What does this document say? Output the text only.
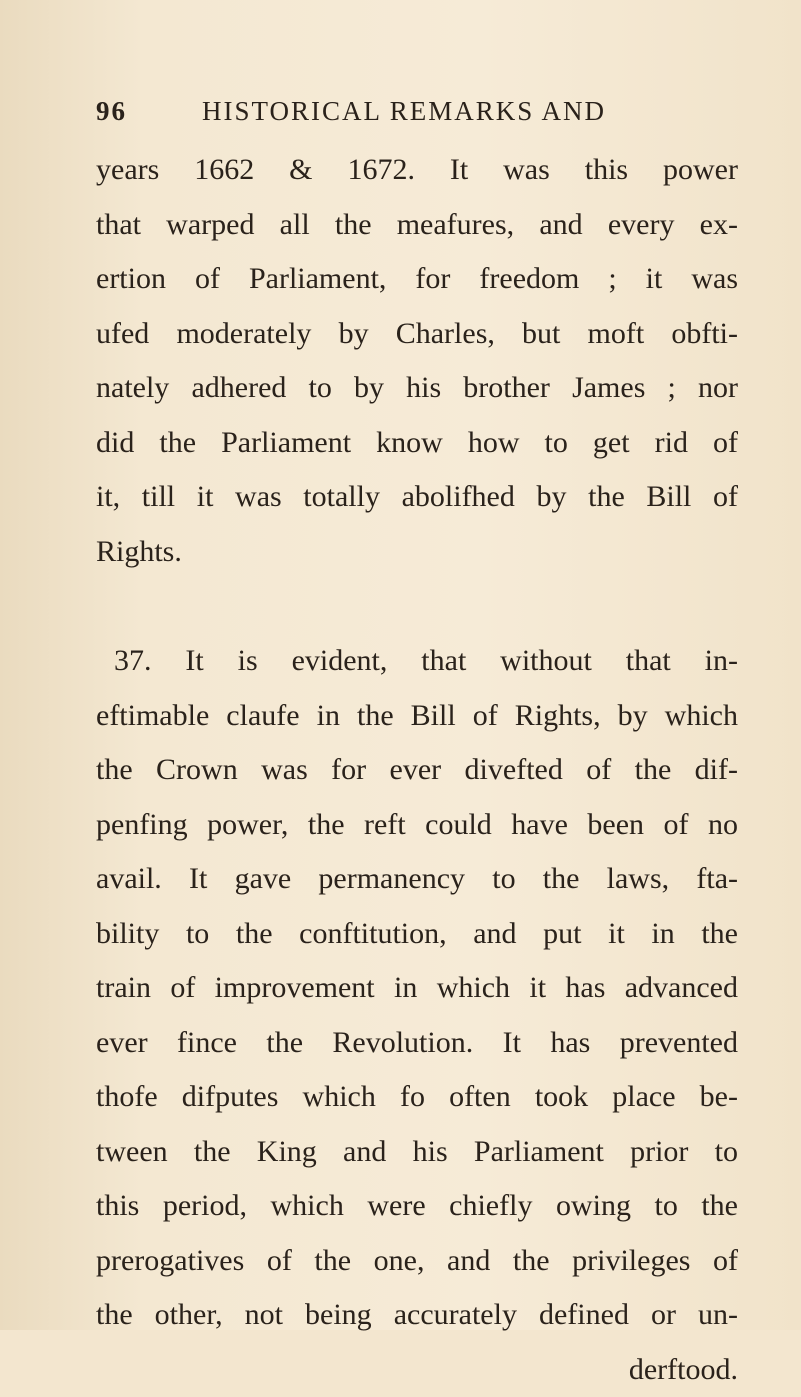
96	HISTORICAL REMARKS AND
years 1662 & 1672. It was this power
that warped all the meafures, and every ex-
ertion of Parliament, for freedom ; it was
ufed moderately by Charles, but moft obfti-
nately adhered to by his brother James ; nor
did the Parliament know how to get rid of
it, till it was totally abolifhed by the Bill of
Rights.
37. It is evident, that without that in-
eftimable claufe in the Bill of Rights, by which
the Crown was for ever divefted of the dif-
penfing power, the reft could have been of no
avail. It gave permanency to the laws, fta-
bility to the conftitution, and put it in the
train of improvement in which it has advanced
ever fince the Revolution. It has prevented
thofe difputes which fo often took place be-
tween the King and his Parliament prior to
this period, which were chiefly owing to the
prerogatives of the one, and the privileges of
the other, not being accurately defined or un-
derftood.
